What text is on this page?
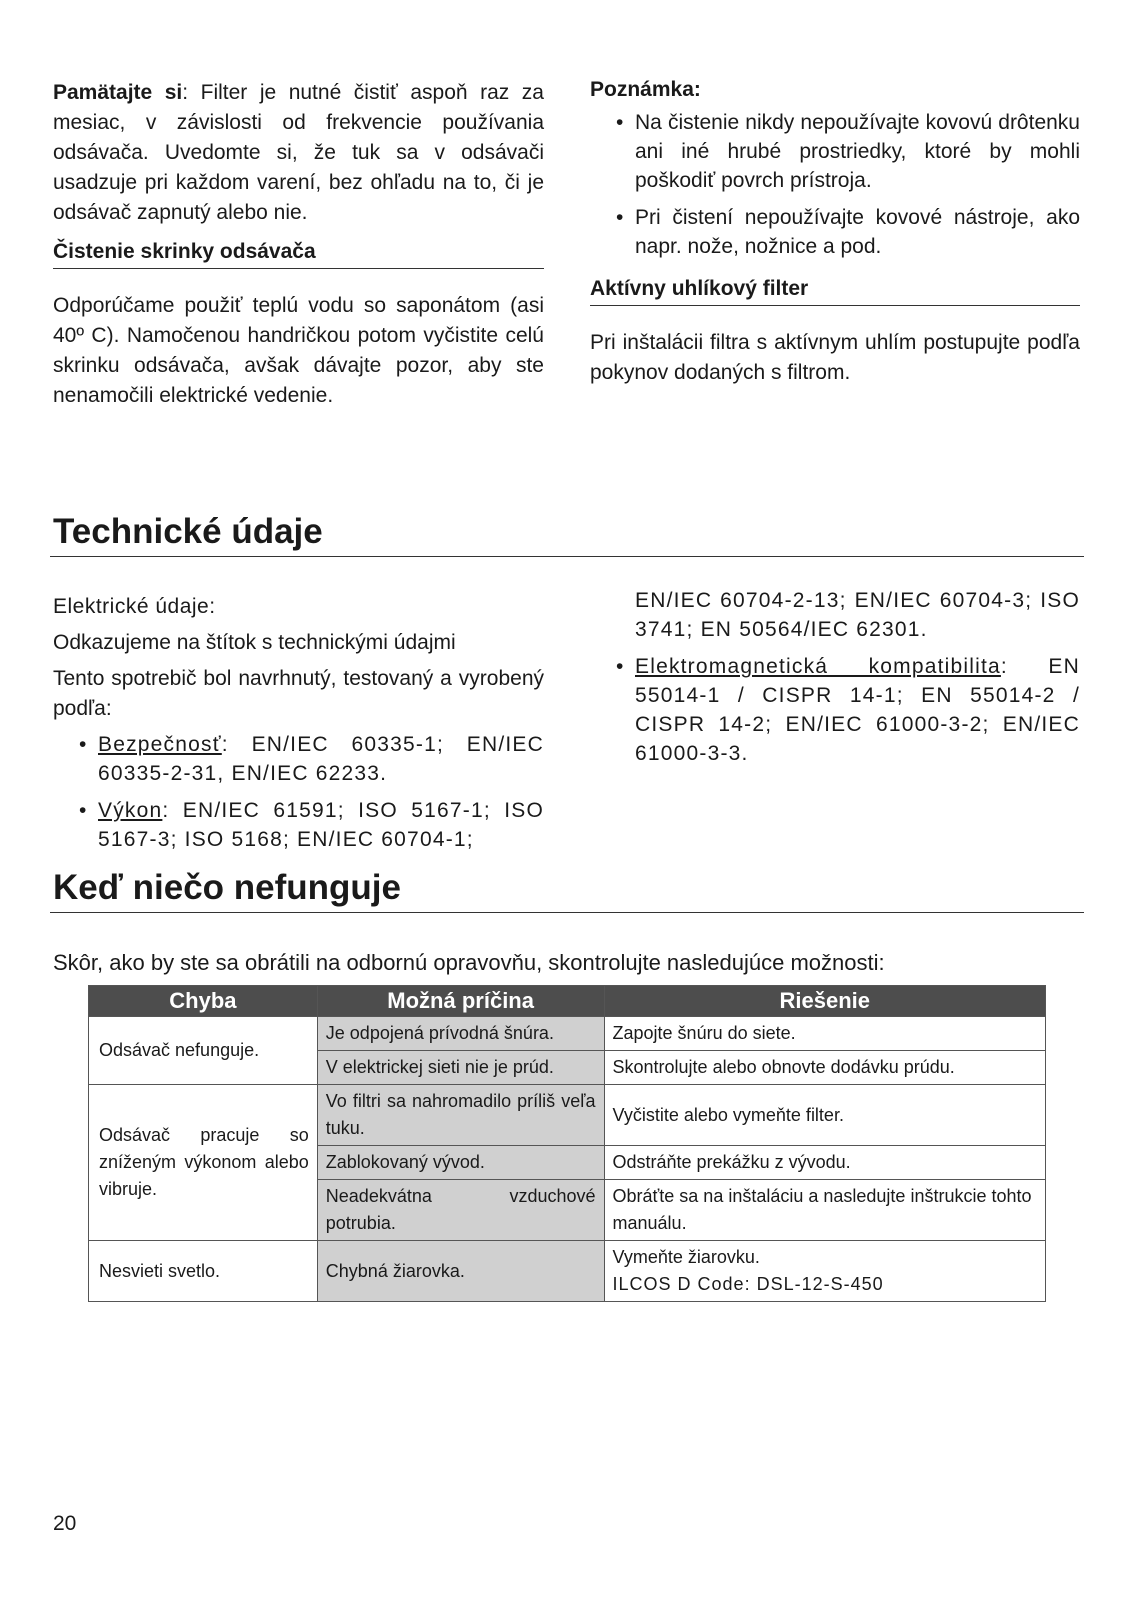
Pamätajte si: Filter je nutné čistiť aspoň raz za mesiac, v závislosti od frekvencie používania odsávača. Uvedomte si, že tuk sa v odsávači usadzuje pri každom varení, bez ohľadu na to, či je odsávač zapnutý alebo nie.

Čistenie skrinky odsávača

Odporúčame použiť teplú vodu so saponátom (asi 40º C). Namočenou handričkou potom vyčistite celú skrinku odsávača, avšak dávajte pozor, aby ste nenamočili elektrické vedenie.

Poznámka:
• Na čistenie nikdy nepoužívajte kovovú drôtenku ani iné hrubé prostriedky, ktoré by mohli poškodiť povrch prístroja.
• Pri čistení nepoužívajte kovové nástroje, ako napr. nože, nožnice a pod.
Aktívny uhlíkový filter

Pri inštalácii filtra s aktívnym uhlím postupujte podľa pokynov dodaných s filtrom.

Technické údaje

Elektrické údaje:

Odkazujeme na štítok s technickými údajmi

Tento spotrebič bol navrhnutý, testovaný a vyrobený podľa:

• Bezpečnosť: EN/IEC 60335-1; EN/IEC 60335-2-31, EN/IEC 62233.
• Výkon: EN/IEC 61591; ISO 5167-1; ISO 5167-3; ISO 5168; EN/IEC 60704-1;
EN/IEC 60704-2-13; EN/IEC 60704-3; ISO 3741; EN 50564/IEC 62301.
• Elektromagnetická kompatibilita: EN 55014-1 / CISPR 14-1; EN 55014-2 / CISPR 14-2; EN/IEC 61000-3-2; EN/IEC 61000-3-3.
Keď niečo nefunguje
Skôr, ako by ste sa obrátili na odbornú opravovňu, skontrolujte nasledujúce možnosti:
Chyba	Možná príčina	Riešenie
Odsávač nefunguje.	Je odpojená prívodná šnúra.	Zapojte šnúru do siete.
	V elektrickej sieti nie je prúd.	Skontrolujte alebo obnovte dodávku prúdu.

Odsávač pracuje so zníženým výkonom alebo vibruje.	Vo filtri sa nahromadilo príliš veľa tuku.	Vyčistite alebo vymeňte filter.
	Zablokovaný vývod.	Odstráňte prekážku z vývodu.

	Neadekvátna vzduchové potrubia.	Obráťte sa na inštaláciu a nasledujte inštrukcie tohto manuálu.
Nesvieti svetlo.	Chybná žiarovka.	Vymeňte žiarovku.
ILCOS D Code: DSL-12-S-450
20
